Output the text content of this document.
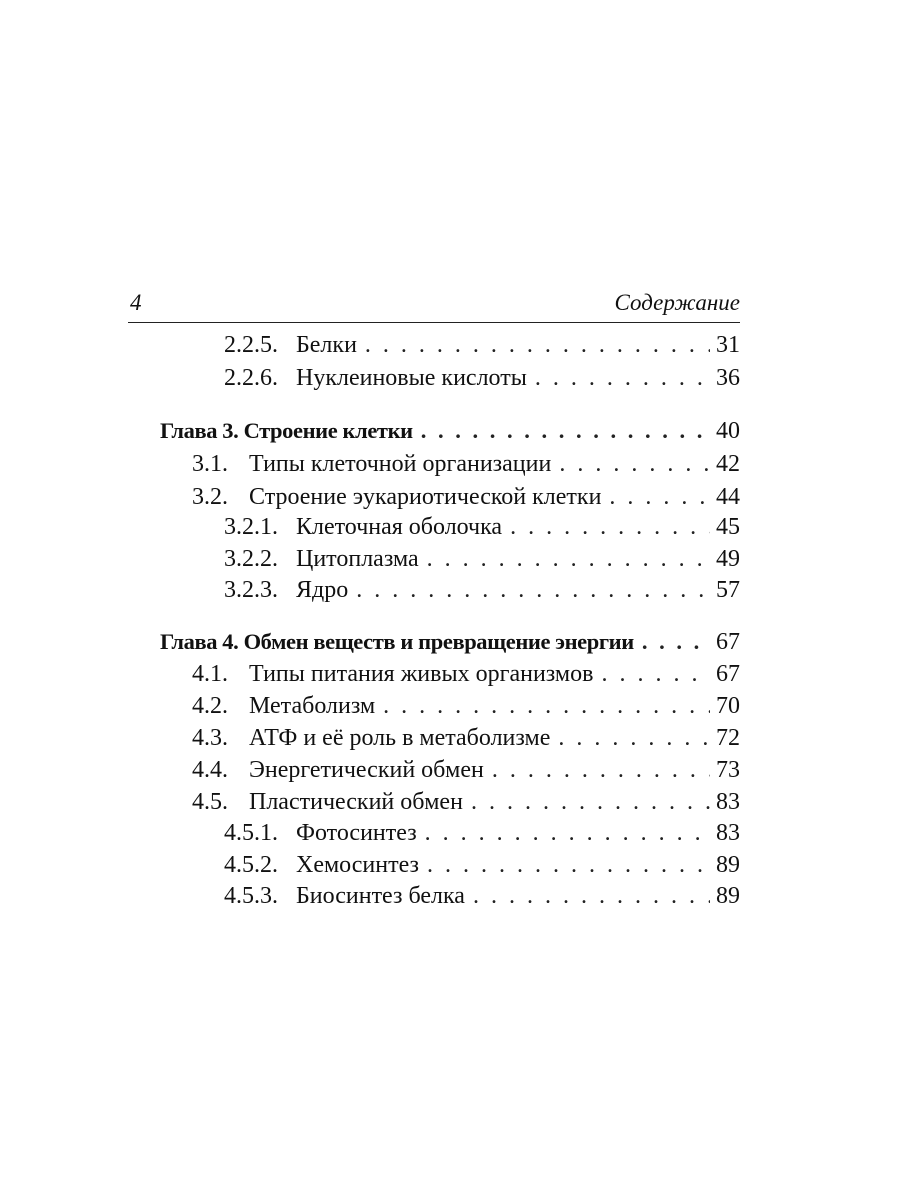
4	Содержание
2.2.5. Белки . . .	31
2.2.6. Нуклеиновые кислоты . . .	36
Глава 3. Строение клетки . . .	40
3.1. Типы клеточной организации . . .	42
3.2. Строение эукариотической клетки . . .	44
3.2.1. Клеточная оболочка . . .	45
3.2.2. Цитоплазма . . .	49
3.2.3. Ядро . . .	57
Глава 4. Обмен веществ и превращение энергии . . .	67
4.1. Типы питания живых организмов . . .	67
4.2. Метаболизм . . .	70
4.3. АТФ и её роль в метаболизме . . .	72
4.4. Энергетический обмен . . .	73
4.5. Пластический обмен . . .	83
4.5.1. Фотосинтез . . .	83
4.5.2. Хемосинтез . . .	89
4.5.3. Биосинтез белка . . .	89
